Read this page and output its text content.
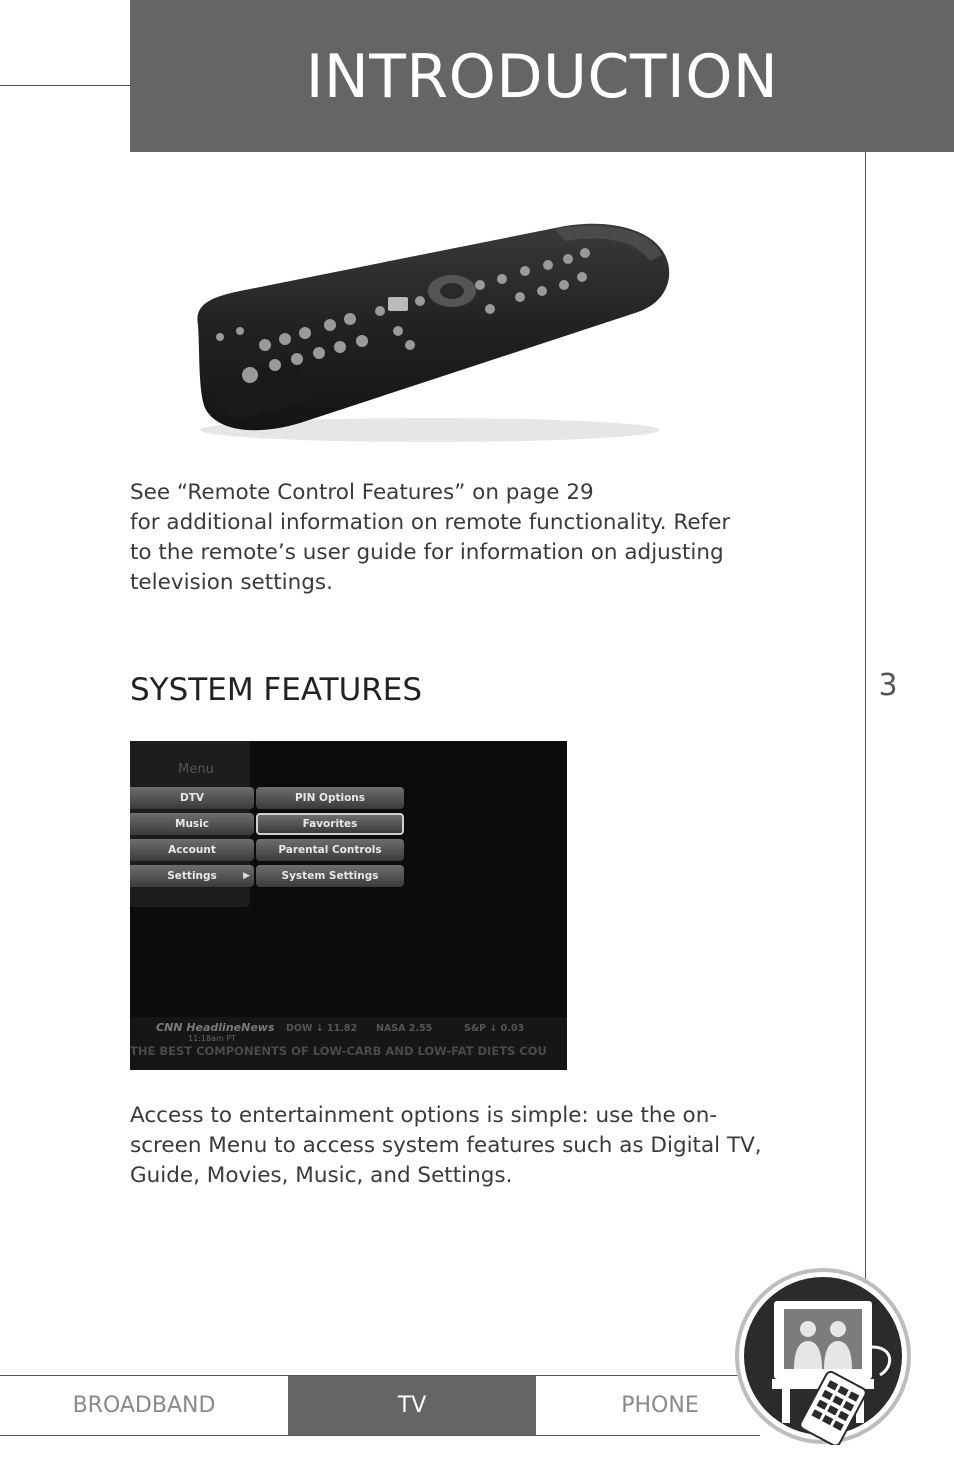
INTRODUCTION
3
See “Remote Control Features” on page 29
for additional information on remote functionality. Refer
to the remote’s user guide for information on adjusting
television settings.
SYSTEM FEATURES
Menu
DTV
Music
Account
Settings	▶
PIN Options
Favorites
Parental Controls
System Settings
CNN HeadlineNews
11:18am PT
DOW ↓ 11.82 NASA 2.55	S&P ↓ 0.03
THE BEST COMPONENTS OF LOW-CARB AND LOW-FAT DIETS COU
Access to entertainment options is simple: use the on-
screen Menu to access system features such as Digital TV,
Guide, Movies, Music, and Settings.
BROADBAND	TV	PHONE
